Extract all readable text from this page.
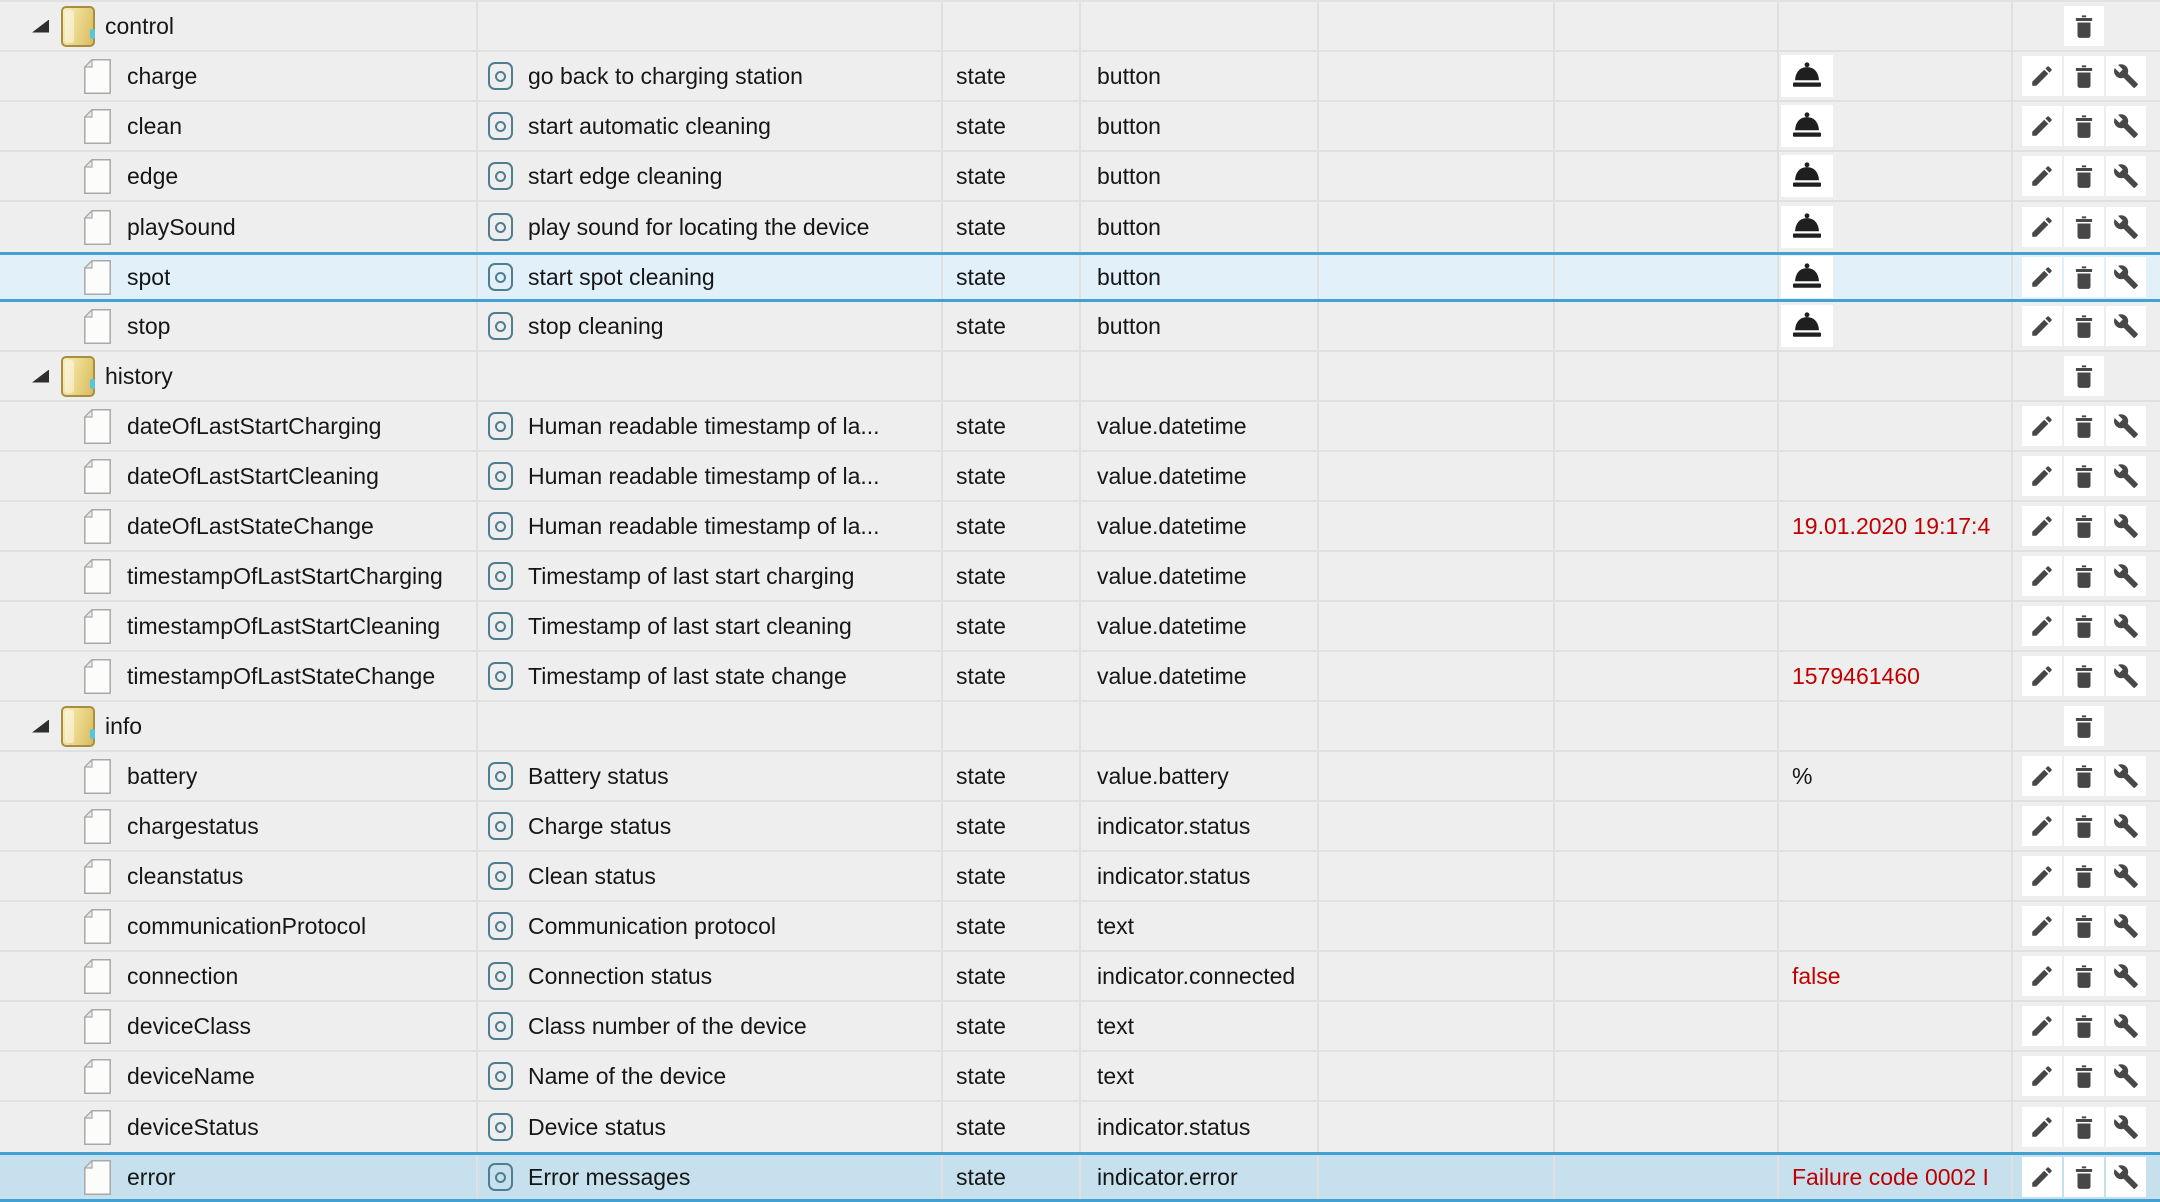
control
charge	go back to charging station	state	button
clean	start automatic cleaning	state	button
edge	start edge cleaning	state	button
playSound	play sound for locating the device	state	button
spot	start spot cleaning	state	button
stop	stop cleaning	state	button
history
dateOfLastStartCharging	Human readable timestamp of la...	state	value.datetime
dateOfLastStartCleaning	Human readable timestamp of la...	state	value.datetime
dateOfLastStateChange	Human readable timestamp of la...	state	value.datetime	19.01.2020 19:17:4
timestampOfLastStartCharging	Timestamp of last start charging	state	value.datetime
timestampOfLastStartCleaning	Timestamp of last start cleaning	state	value.datetime
timestampOfLastStateChange	Timestamp of last state change	state	value.datetime	1579461460
info
battery	Battery status	state	value.battery	%
chargestatus	Charge status	state	indicator.status
cleanstatus	Clean status	state	indicator.status
communicationProtocol	Communication protocol	state	text
connection	Connection status	state	indicator.connected	false
deviceClass	Class number of the device	state	text
deviceName	Name of the device	state	text
deviceStatus	Device status	state	indicator.status
error	Error messages	state	indicator.error	Failure code 0002 I
